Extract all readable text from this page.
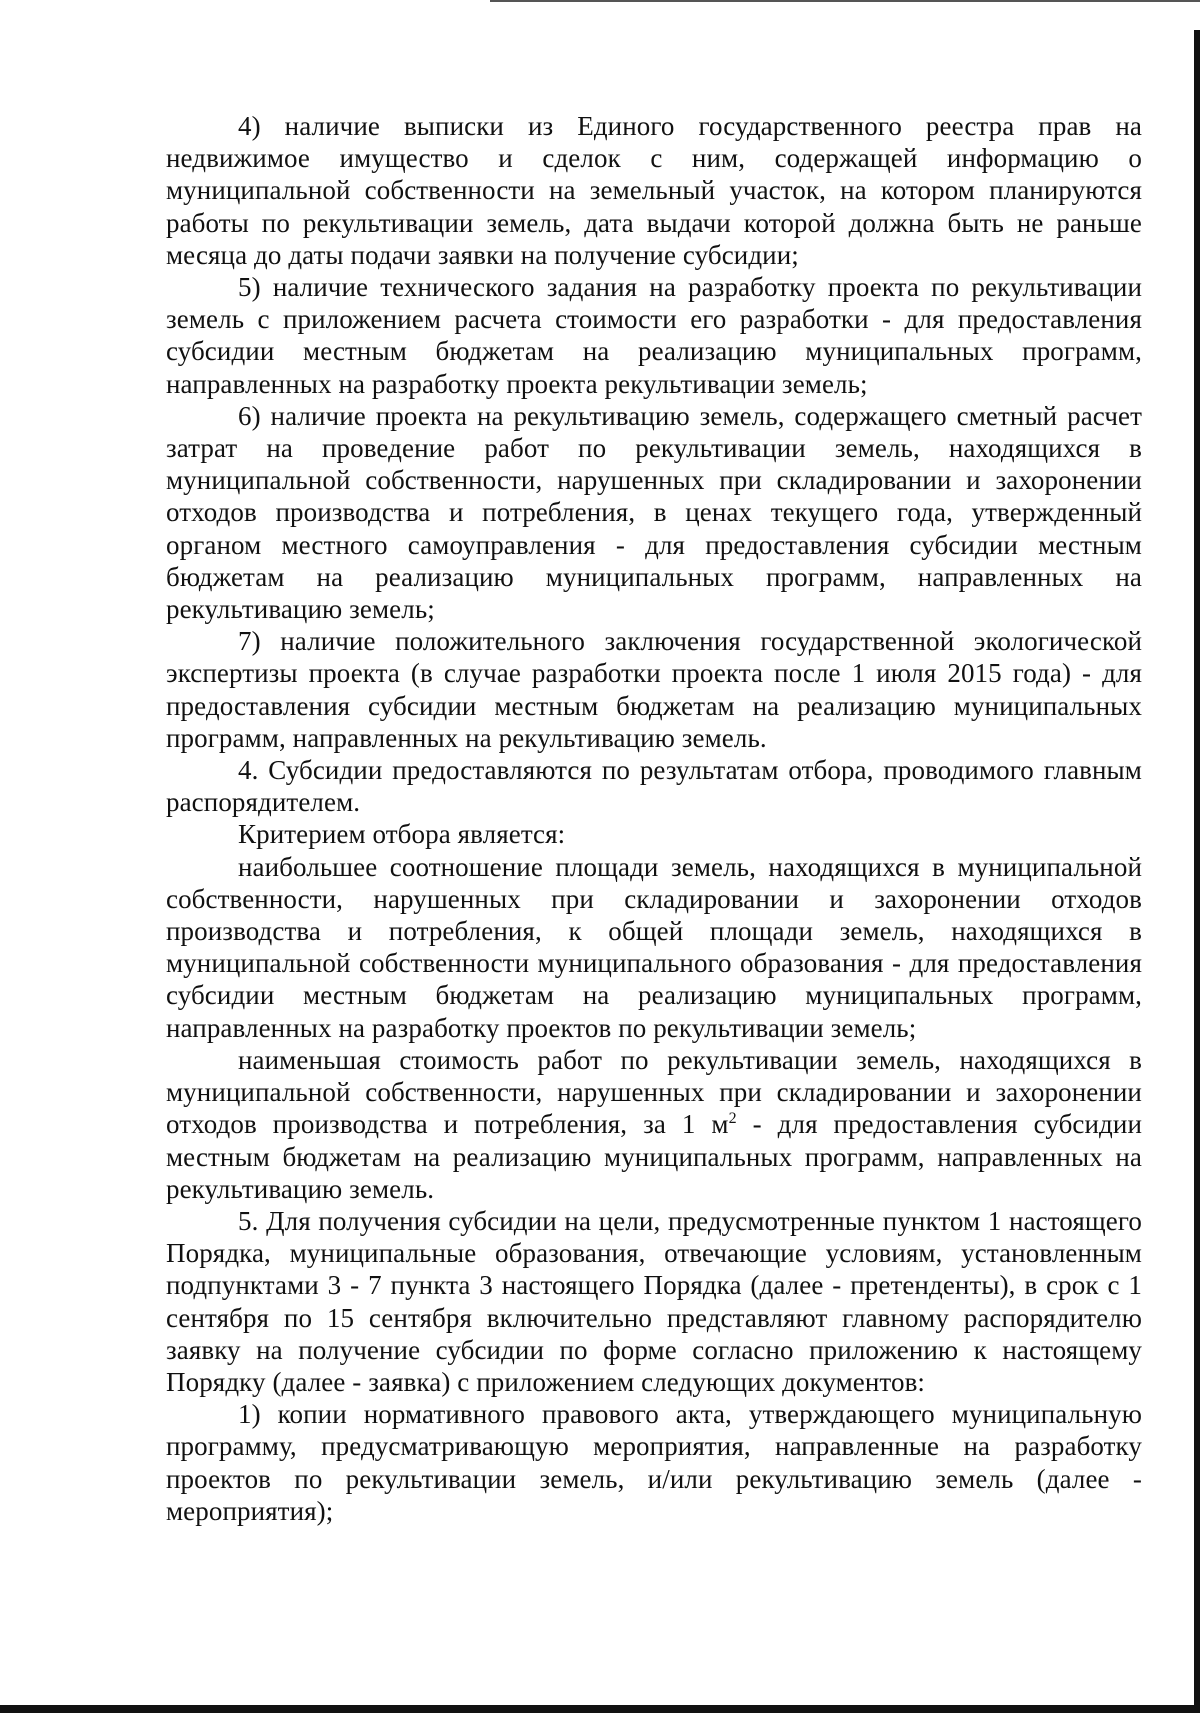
4) наличие выписки из Единого государственного реестра прав на недвижимое имущество и сделок с ним, содержащей информацию о муниципальной собственности на земельный участок, на котором планируются работы по рекультивации земель, дата выдачи которой должна быть не раньше месяца до даты подачи заявки на получение субсидии;

5) наличие технического задания на разработку проекта по рекультивации земель с приложением расчета стоимости его разработки - для предоставления субсидии местным бюджетам на реализацию муниципальных программ, направленных на разработку проекта рекультивации земель;

6) наличие проекта на рекультивацию земель, содержащего сметный расчет затрат на проведение работ по рекультивации земель, находящихся в муниципальной собственности, нарушенных при складировании и захоронении отходов производства и потребления, в ценах текущего года, утвержденный органом местного самоуправления - для предоставления субсидии местным бюджетам на реализацию муниципальных программ, направленных на рекультивацию земель;

7) наличие положительного заключения государственной экологической экспертизы проекта (в случае разработки проекта после 1 июля 2015 года) - для предоставления субсидии местным бюджетам на реализацию муниципальных программ, направленных на рекультивацию земель.

4. Субсидии предоставляются по результатам отбора, проводимого главным распорядителем.

Критерием отбора является:

наибольшее соотношение площади земель, находящихся в муниципальной собственности, нарушенных при складировании и захоронении отходов производства и потребления, к общей площади земель, находящихся в муниципальной собственности муниципального образования - для предоставления субсидии местным бюджетам на реализацию муниципальных программ, направленных на разработку проектов по рекультивации земель;

наименьшая стоимость работ по рекультивации земель, находящихся в муниципальной собственности, нарушенных при складировании и захоронении отходов производства и потребления, за 1 $м^2$ - для предоставления субсидии местным бюджетам на реализацию муниципальных программ, направленных на рекультивацию земель.

5. Для получения субсидии на цели, предусмотренные пунктом 1 настоящего Порядка, муниципальные образования, отвечающие условиям, установленным подпунктами 3 - 7 пункта 3 настоящего Порядка (далее - претенденты), в срок с 1 сентября по 15 сентября включительно представляют главному распорядителю заявку на получение субсидии по форме согласно приложению к настоящему Порядку (далее - заявка) с приложением следующих документов:

1) копии нормативного правового акта, утверждающего муниципальную программу, предусматривающую мероприятия, направленные на разработку проектов по рекультивации земель, и/или рекультивацию земель (далее - мероприятия);
